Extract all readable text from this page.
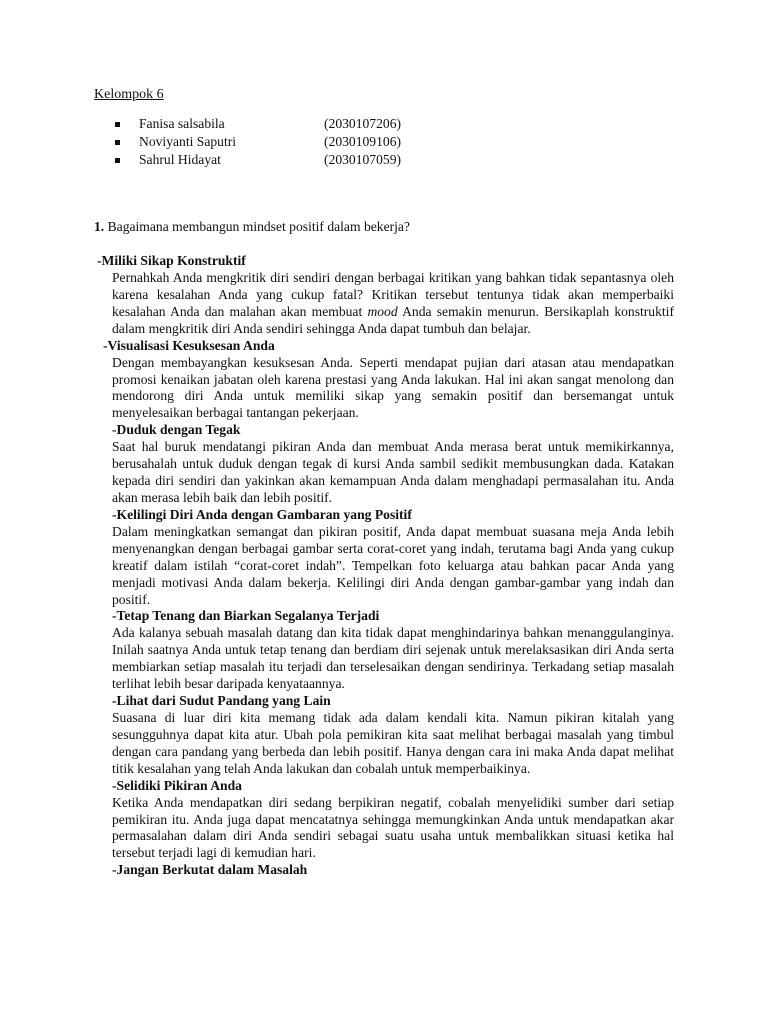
Kelompok 6
Fanisa salsabila	(2030107206)
Noviyanti Saputri	(2030109106)
Sahrul Hidayat	(2030107059)
1. Bagaimana membangun mindset positif dalam bekerja?
-Miliki Sikap Konstruktif
Pernahkah Anda mengkritik diri sendiri dengan berbagai kritikan yang bahkan tidak sepantasnya oleh karena kesalahan Anda yang cukup fatal? Kritikan tersebut tentunya tidak akan memperbaiki kesalahan Anda dan malahan akan membuat mood Anda semakin menurun. Bersikaplah konstruktif dalam mengkritik diri Anda sendiri sehingga Anda dapat tumbuh dan belajar.
-Visualisasi Kesuksesan Anda
Dengan membayangkan kesuksesan Anda. Seperti mendapat pujian dari atasan atau mendapatkan promosi kenaikan jabatan oleh karena prestasi yang Anda lakukan. Hal ini akan sangat menolong dan mendorong diri Anda untuk memiliki sikap yang semakin positif dan bersemangat untuk menyelesaikan berbagai tantangan pekerjaan.
-Duduk dengan Tegak
Saat hal buruk mendatangi pikiran Anda dan membuat Anda merasa berat untuk memikirkannya, berusahalah untuk duduk dengan tegak di kursi Anda sambil sedikit membusungkan dada. Katakan kepada diri sendiri dan yakinkan akan kemampuan Anda dalam menghadapi permasalahan itu. Anda akan merasa lebih baik dan lebih positif.
-Kelilingi Diri Anda dengan Gambaran yang Positif
Dalam meningkatkan semangat dan pikiran positif, Anda dapat membuat suasana meja Anda lebih menyenangkan dengan berbagai gambar serta corat-coret yang indah, terutama bagi Anda yang cukup kreatif dalam istilah “corat-coret indah”. Tempelkan foto keluarga atau bahkan pacar Anda yang menjadi motivasi Anda dalam bekerja. Kelilingi diri Anda dengan gambar-gambar yang indah dan positif.
-Tetap Tenang dan Biarkan Segalanya Terjadi
Ada kalanya sebuah masalah datang dan kita tidak dapat menghindarinya bahkan menanggulanginya. Inilah saatnya Anda untuk tetap tenang dan berdiam diri sejenak untuk merelaksasikan diri Anda serta membiarkan setiap masalah itu terjadi dan terselesaikan dengan sendirinya. Terkadang setiap masalah terlihat lebih besar daripada kenyataannya.
-Lihat dari Sudut Pandang yang Lain
Suasana di luar diri kita memang tidak ada dalam kendali kita. Namun pikiran kitalah yang sesungguhnya dapat kita atur. Ubah pola pemikiran kita saat melihat berbagai masalah yang timbul dengan cara pandang yang berbeda dan lebih positif. Hanya dengan cara ini maka Anda dapat melihat titik kesalahan yang telah Anda lakukan dan cobalah untuk memperbaikinya.
-Selidiki Pikiran Anda
Ketika Anda mendapatkan diri sedang berpikiran negatif, cobalah menyelidiki sumber dari setiap pemikiran itu. Anda juga dapat mencatatnya sehingga memungkinkan Anda untuk mendapatkan akar permasalahan dalam diri Anda sendiri sebagai suatu usaha untuk membalikkan situasi ketika hal tersebut terjadi lagi di kemudian hari.
-Jangan Berkutat dalam Masalah
